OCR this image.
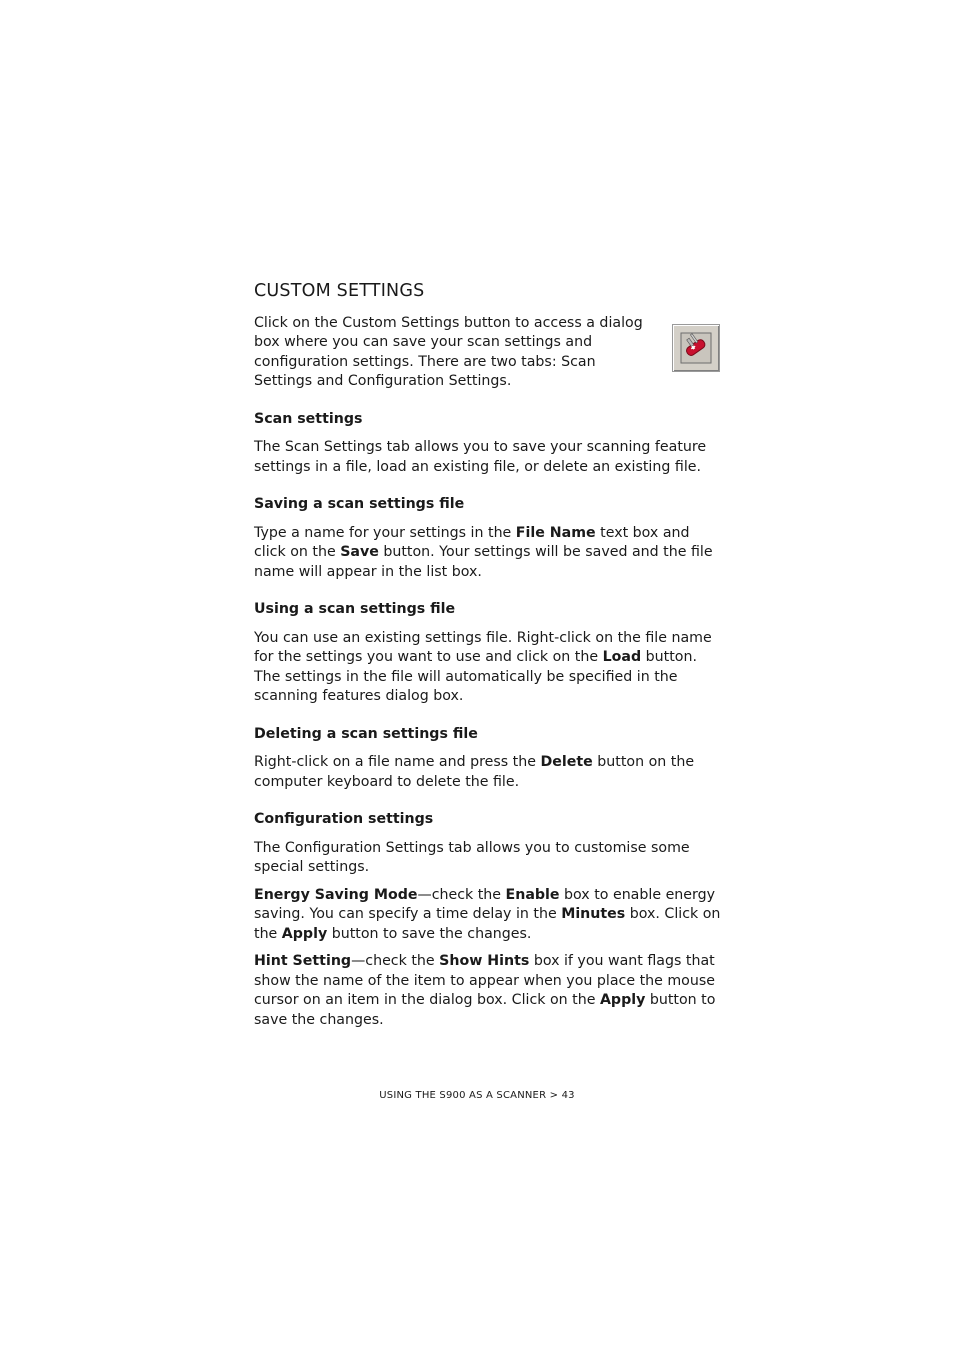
CUSTOM SETTINGS

Click on the Custom Settings button to access a dialog box where you can save your scan settings and configuration settings. There are two tabs: Scan Settings and Configuration Settings.

Scan settings

The Scan Settings tab allows you to save your scanning feature settings in a file, load an existing file, or delete an existing file.

Saving a scan settings file

Type a name for your settings in the File Name text box and click on the Save button. Your settings will be saved and the file name will appear in the list box.

Using a scan settings file

You can use an existing settings file. Right-click on the file name for the settings you want to use and click on the Load button. The settings in the file will automatically be specified in the scanning features dialog box.

Deleting a scan settings file

Right-click on a file name and press the Delete button on the computer keyboard to delete the file.

Configuration settings

The Configuration Settings tab allows you to customise some special settings.

Energy Saving Mode—check the Enable box to enable energy saving. You can specify a time delay in the Minutes box. Click on the Apply button to save the changes.

Hint Setting—check the Show Hints box if you want flags that show the name of the item to appear when you place the mouse cursor on an item in the dialog box. Click on the Apply button to save the changes.

USING THE S900 AS A SCANNER > 43
